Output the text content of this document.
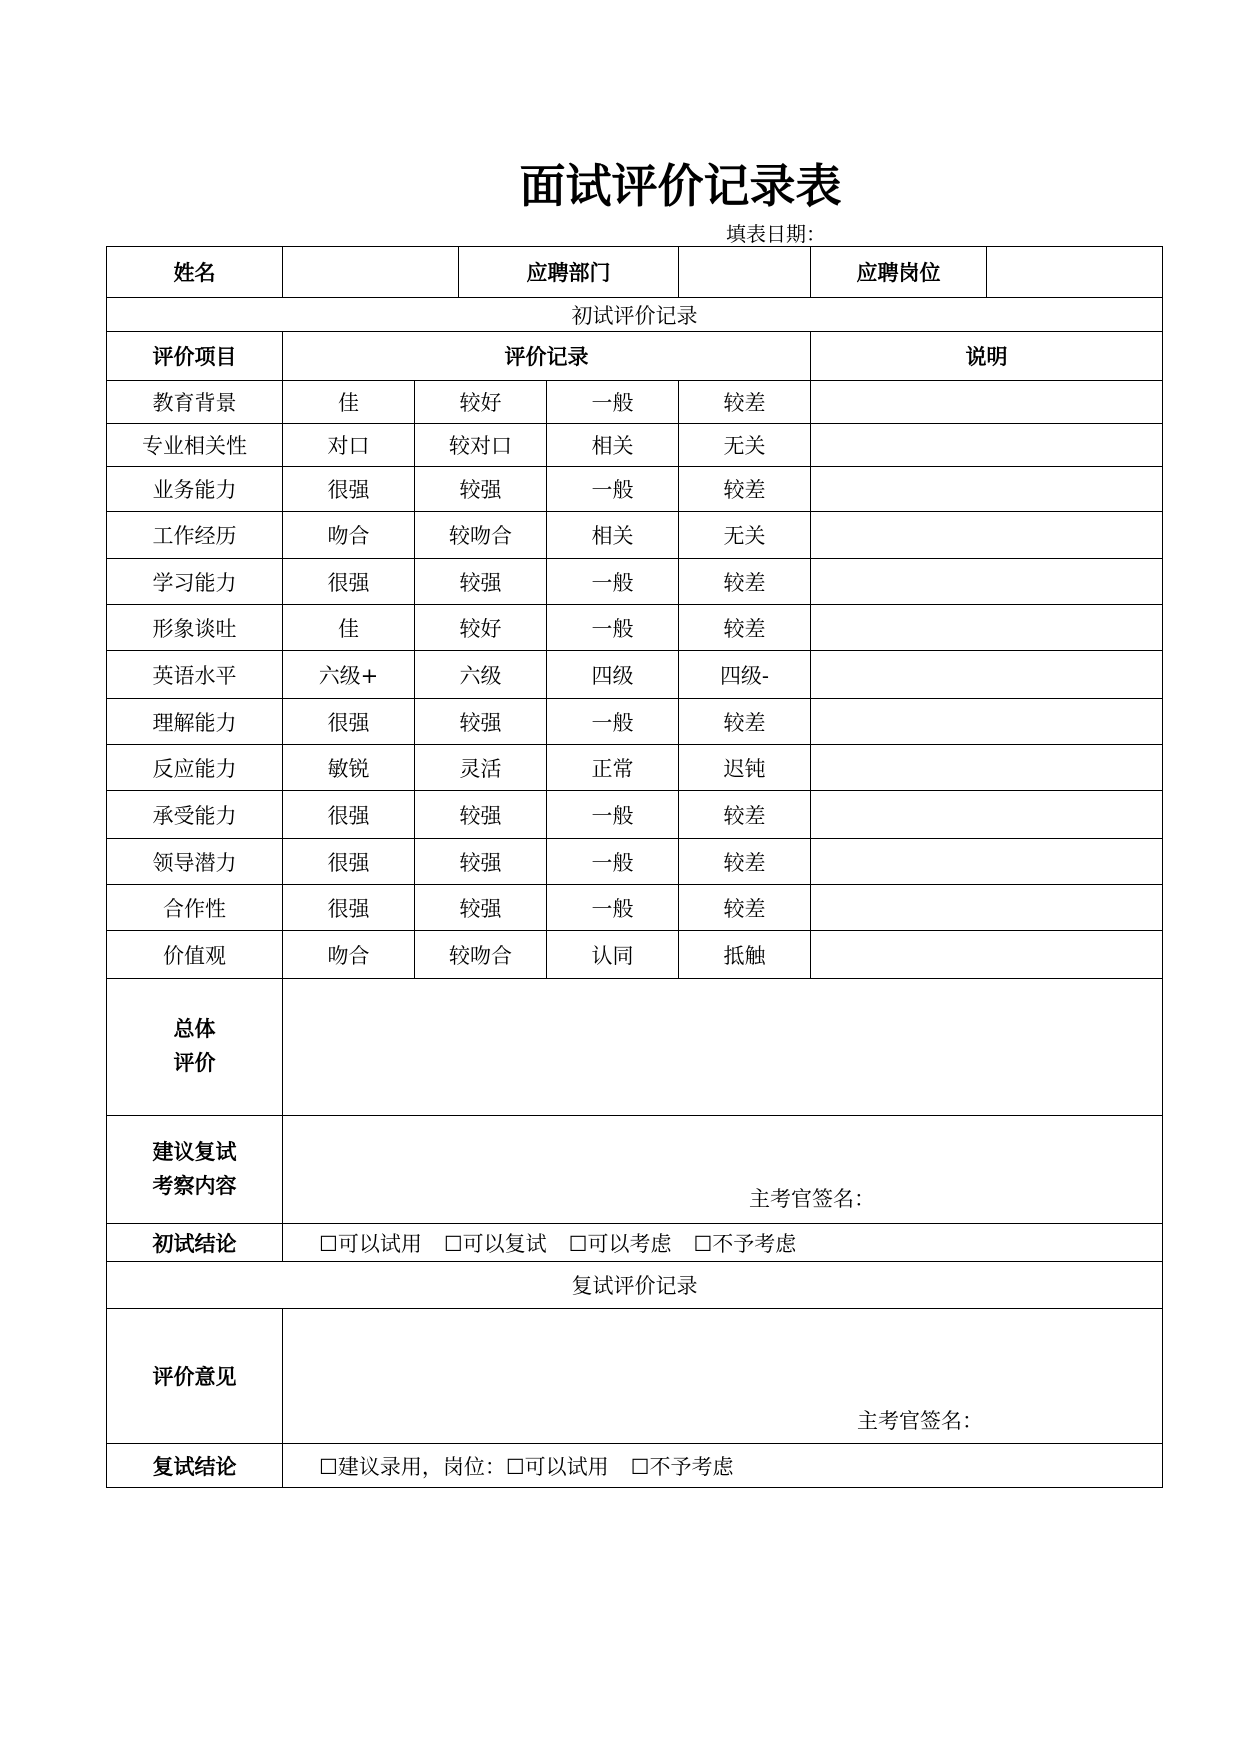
面试评价记录表
填表日期：
姓名			应聘部门			应聘岗位	
初试评价记录							
评价项目	评价记录					说明	
教育背景	佳	较好		一般	较差		
专业相关性	对口	较对口		相关	无关		
业务能力	很强	较强		一般	较差		
工作经历	吻合	较吻合		相关	无关		
学习能力	很强	较强		一般	较差		
形象谈吐	佳	较好		一般	较差		
英语水平	六级+	六级		四级	四级-		
理解能力	很强	较强		一般	较差		
反应能力	敏锐	灵活		正常	迟钝		
承受能力	很强	较强		一般	较差		
领导潜力	很强	较强		一般	较差		
合作性	很强	较强		一般	较差		
价值观	吻合	较吻合		认同	抵触		
总体
评价							
建议复试
考察内容	主考官签名：						

初试结论	☐可以试用 ☐可以复试 ☐可以考虑 ☐不予考虑						
复试评价记录							
评价意见	主考官签名：						

复试结论	☐建议录用，岗位：☐可以试用 ☐不予考虑						
